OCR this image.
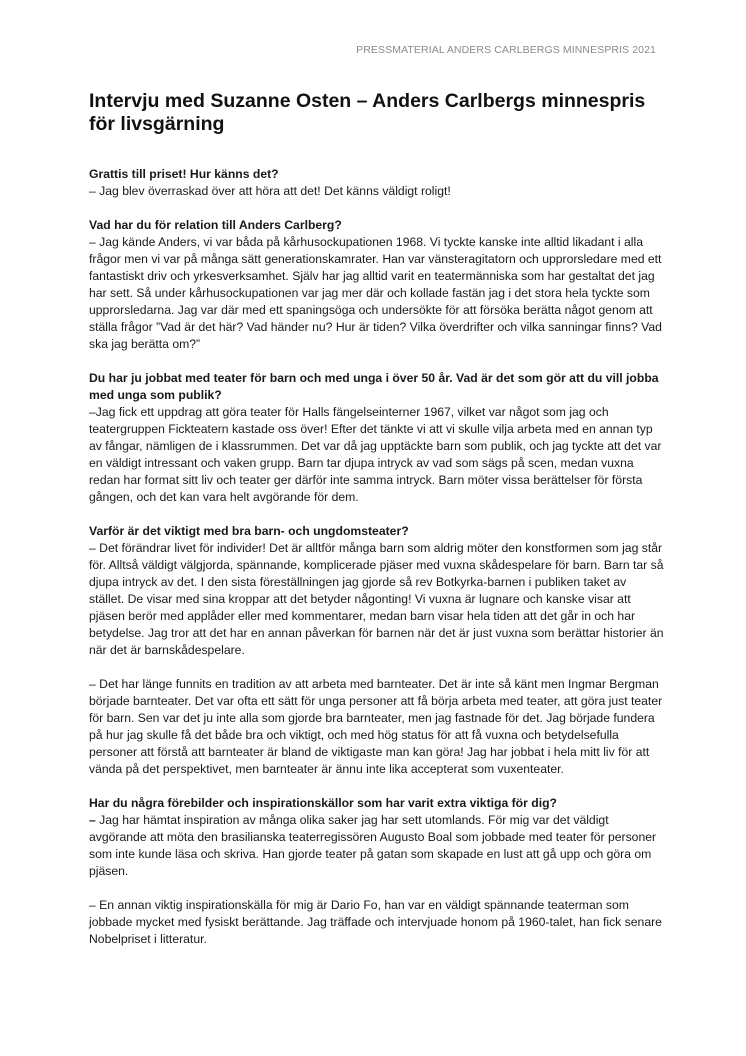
PRESSMATERIAL ANDERS CARLBERGS MINNESPRIS 2021
Intervju med Suzanne Osten – Anders Carlbergs minnespris för livsgärning

Grattis till priset! Hur känns det?

– Jag blev överraskad över att höra att det! Det känns väldigt roligt!

Vad har du för relation till Anders Carlberg?

– Jag kände Anders, vi var båda på kårhusockupationen 1968. Vi tyckte kanske inte alltid likadant i alla frågor men vi var på många sätt generationskamrater. Han var vänsteragitatorn och upprorsledare med ett fantastiskt driv och yrkesverksamhet. Själv har jag alltid varit en teatermänniska som har gestaltat det jag har sett. Så under kårhusockupationen var jag mer där och kollade fastän jag i det stora hela tyckte som upprorsledarna. Jag var där med ett spaningsöga och undersökte för att försöka berätta något genom att ställa frågor ”Vad är det här? Vad händer nu? Hur är tiden? Vilka överdrifter och vilka sanningar finns? Vad ska jag berätta om?”

Du har ju jobbat med teater för barn och med unga i över 50 år. Vad är det som gör att du vill jobba med unga som publik?

–Jag fick ett uppdrag att göra teater för Halls fängelseinterner 1967, vilket var något som jag och teatergruppen Fickteatern kastade oss över! Efter det tänkte vi att vi skulle vilja arbeta med en annan typ av fångar, nämligen de i klassrummen. Det var då jag upptäckte barn som publik, och jag tyckte att det var en väldigt intressant och vaken grupp. Barn tar djupa intryck av vad som sägs på scen, medan vuxna redan har format sitt liv och teater ger därför inte samma intryck. Barn möter vissa berättelser för första gången, och det kan vara helt avgörande för dem.

Varför är det viktigt med bra barn- och ungdomsteater?

– Det förändrar livet för individer! Det är alltför många barn som aldrig möter den konstformen som jag står för. Alltså väldigt välgjorda, spännande, komplicerade pjäser med vuxna skådespelare för barn. Barn tar så djupa intryck av det. I den sista föreställningen jag gjorde så rev Botkyrka-barnen i publiken taket av stället. De visar med sina kroppar att det betyder någonting! Vi vuxna är lugnare och kanske visar att pjäsen berör med applåder eller med kommentarer, medan barn visar hela tiden att det går in och har betydelse. Jag tror att det har en annan påverkan för barnen när det är just vuxna som berättar historier än när det är barnskådespelare.

– Det har länge funnits en tradition av att arbeta med barnteater. Det är inte så känt men Ingmar Bergman började barnteater. Det var ofta ett sätt för unga personer att få börja arbeta med teater, att göra just teater för barn. Sen var det ju inte alla som gjorde bra barnteater, men jag fastnade för det. Jag började fundera på hur jag skulle få det både bra och viktigt, och med hög status för att få vuxna och betydelsefulla personer att förstå att barnteater är bland de viktigaste man kan göra! Jag har jobbat i hela mitt liv för att vända på det perspektivet, men barnteater är ännu inte lika accepterat som vuxenteater.

Har du några förebilder och inspirationskällor som har varit extra viktiga för dig?

– Jag har hämtat inspiration av många olika saker jag har sett utomlands. För mig var det väldigt avgörande att möta den brasilianska teaterregissören Augusto Boal som jobbade med teater för personer som inte kunde läsa och skriva. Han gjorde teater på gatan som skapade en lust att gå upp och göra om pjäsen.

– En annan viktig inspirationskälla för mig är Dario Fo, han var en väldigt spännande teaterman som jobbade mycket med fysiskt berättande. Jag träffade och intervjuade honom på 1960-talet, han fick senare Nobelpriset i litteratur.
